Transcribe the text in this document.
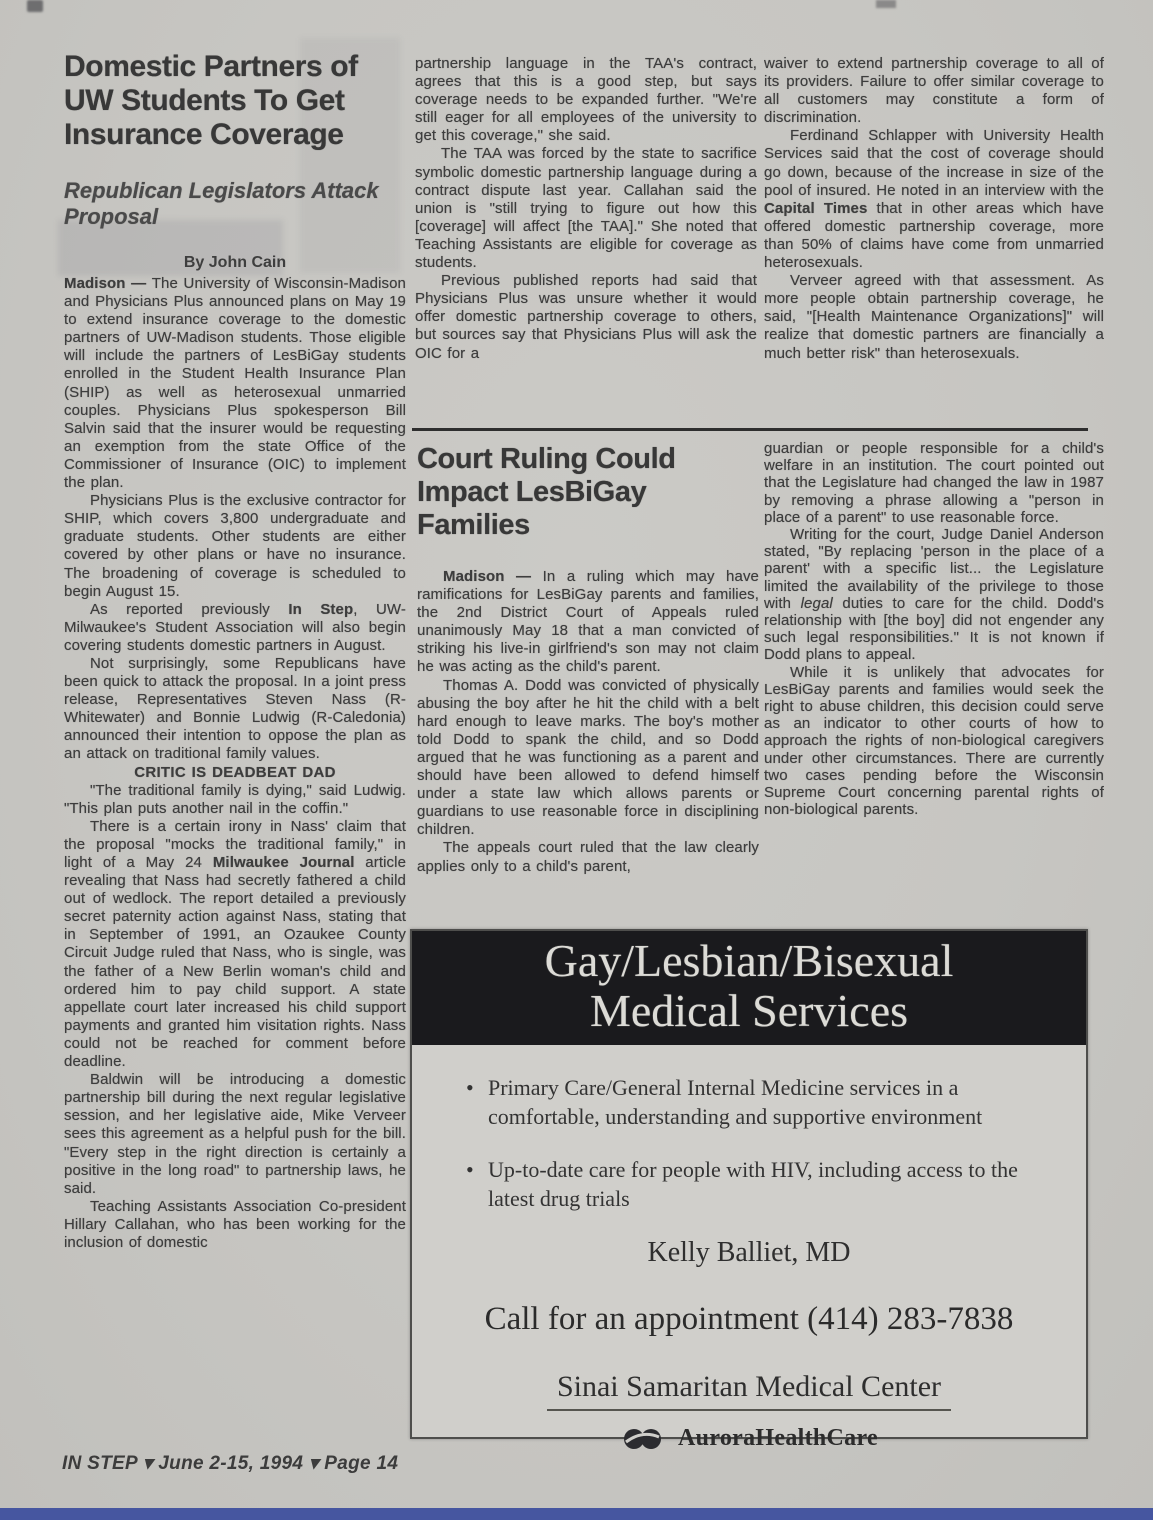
Domestic Partners of UW Students To Get Insurance Coverage
Republican Legislators Attack Proposal
By John Cain

Madison — The University of Wisconsin-Madison and Physicians Plus announced plans on May 19 to extend insurance coverage to the domestic partners of UW-Madison students. Those eligible will include the partners of LesBiGay students enrolled in the Student Health Insurance Plan (SHIP) as well as heterosexual unmarried couples. Physicians Plus spokesperson Bill Salvin said that the insurer would be requesting an exemption from the state Office of the Commissioner of Insurance (OIC) to implement the plan.

Physicians Plus is the exclusive contractor for SHIP, which covers 3,800 undergraduate and graduate students. Other students are either covered by other plans or have no insurance. The broadening of coverage is scheduled to begin August 15.

As reported previously In Step, UW-Milwaukee's Student Association will also begin covering students domestic partners in August.

Not surprisingly, some Republicans have been quick to attack the proposal. In a joint press release, Representatives Steven Nass (R-Whitewater) and Bonnie Ludwig (R-Caledonia) announced their intention to oppose the plan as an attack on traditional family values.

CRITIC IS DEADBEAT DAD

"The traditional family is dying," said Ludwig. "This plan puts another nail in the coffin."

There is a certain irony in Nass' claim that the proposal "mocks the traditional family," in light of a May 24 Milwaukee Journal article revealing that Nass had secretly fathered a child out of wedlock. The report detailed a previously secret paternity action against Nass, stating that in September of 1991, an Ozaukee County Circuit Judge ruled that Nass, who is single, was the father of a New Berlin woman's child and ordered him to pay child support. A state appellate court later increased his child support payments and granted him visitation rights. Nass could not be reached for comment before deadline.

Baldwin will be introducing a domestic partnership bill during the next regular legislative session, and her legislative aide, Mike Verveer sees this agreement as a helpful push for the bill. "Every step in the right direction is certainly a positive in the long road" to partnership laws, he said.

Teaching Assistants Association Co-president Hillary Callahan, who has been working for the inclusion of domestic

partnership language in the TAA's contract, agrees that this is a good step, but says coverage needs to be expanded further. "We're still eager for all employees of the university to get this coverage," she said.

The TAA was forced by the state to sacrifice symbolic domestic partnership language during a contract dispute last year. Callahan said the union is "still trying to figure out how this [coverage] will affect [the TAA]." She noted that Teaching Assistants are eligible for coverage as students.

Previous published reports had said that Physicians Plus was unsure whether it would offer domestic partnership coverage to others, but sources say that Physicians Plus will ask the OIC for a

waiver to extend partnership coverage to all of its providers. Failure to offer similar coverage to all customers may constitute a form of discrimination.

Ferdinand Schlapper with University Health Services said that the cost of coverage should go down, because of the increase in size of the pool of insured. He noted in an interview with the Capital Times that in other areas which have offered domestic partnership coverage, more than 50% of claims have come from unmarried heterosexuals.

Verveer agreed with that assessment. As more people obtain partnership coverage, he said, "[Health Maintenance Organizations]" will realize that domestic partners are financially a much better risk" than heterosexuals.

Court Ruling Could Impact LesBiGay Families

Madison — In a ruling which may have ramifications for LesBiGay parents and families, the 2nd District Court of Appeals ruled unanimously May 18 that a man convicted of striking his live-in girlfriend's son may not claim he was acting as the child's parent.

Thomas A. Dodd was convicted of physically abusing the boy after he hit the child with a belt hard enough to leave marks. The boy's mother told Dodd to spank the child, and so Dodd argued that he was functioning as a parent and should have been allowed to defend himself under a state law which allows parents or guardians to use reasonable force in disciplining children.

The appeals court ruled that the law clearly applies only to a child's parent,

guardian or people responsible for a child's welfare in an institution. The court pointed out that the Legislature had changed the law in 1987 by removing a phrase allowing a "person in place of a parent" to use reasonable force.

Writing for the court, Judge Daniel Anderson stated, "By replacing 'person in the place of a parent' with a specific list... the Legislature limited the availability of the privilege to those with legal duties to care for the child. Dodd's relationship with [the boy] did not engender any such legal responsibilities." It is not known if Dodd plans to appeal.

While it is unlikely that advocates for LesBiGay parents and families would seek the right to abuse children, this decision could serve as an indicator to other courts of how to approach the rights of non-biological caregivers under other circumstances. There are currently two cases pending before the Wisconsin Supreme Court concerning parental rights of non-biological parents.

Gay/Lesbian/Bisexual
Medical Services
• Primary Care/General Internal Medicine services in a comfortable, understanding and supportive environment
• Up-to-date care for people with HIV, including access to the latest drug trials
Kelly Balliet, MD
Call for an appointment (414) 283-7838
Sinai Samaritan Medical Center
AuroraHealthCare
IN STEP ▾ June 2-15, 1994 ▾ Page 14
